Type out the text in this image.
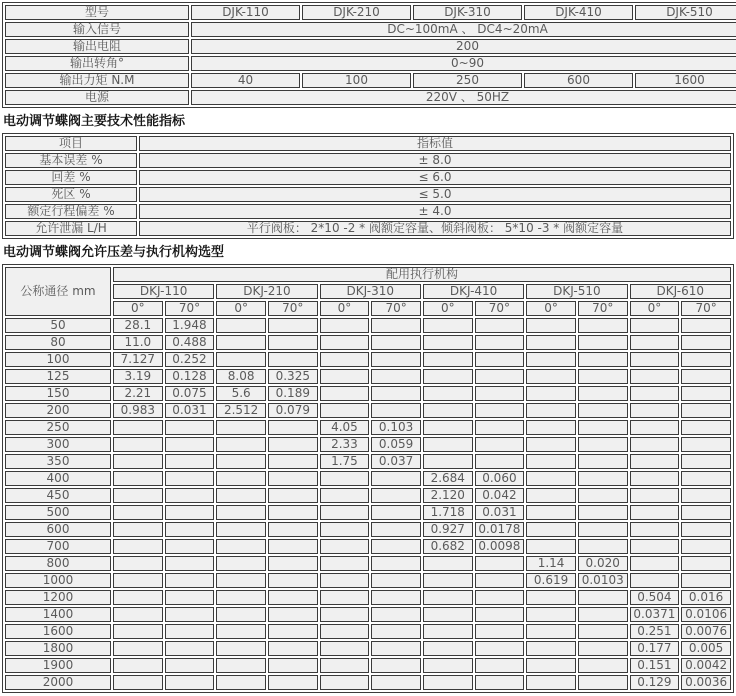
型号	DJK-110	DJK-210	DJK-310	DJK-410	DJK-510
输入信号	DC~100mA 、 DC4~20mA				
输出电阻	200				
输出转角°	0~90				
输出力矩 N.M	40	100	250	600	1600
电源	220V 、 50HZ				
电动调节蝶阀主要技术性能指标
项目	指标值
基本误差 %	± 8.0
回差 %	≤ 6.0
死区 %	≤ 5.0
额定行程偏差 %	± 4.0
允许泄漏 L/H	平行阀板： 2*10 -2 * 阀额定容量、倾斜阀板： 5*10 -3 * 阀额定容量
电动调节蝶阀允许压差与执行机构选型
公称通径 mm	配用执行机构											
	DKJ-110		DKJ-210		DKJ-310		DKJ-410		DKJ-510		DKJ-610	
	0°	70°	0°	70°	0°	70°	0°	70°	0°	70°	0°	70°
50	28.1	1.948										
80	11.0	0.488										
100	7.127	0.252										
125	3.19	0.128	8.08	0.325								
150	2.21	0.075	5.6	0.189								
200	0.983	0.031	2.512	0.079								
250					4.05	0.103						
300					2.33	0.059						
350					1.75	0.037						
400							2.684	0.060				
450							2.120	0.042				
500							1.718	0.031				
600							0.927	0.0178				
700							0.682	0.0098				
800									1.14	0.020		
1000									0.619	0.0103		
1200											0.504	0.016
1400											0.0371	0.0106
1600											0.251	0.0076
1800											0.177	0.005
1900											0.151	0.0042
2000											0.129	0.0036
